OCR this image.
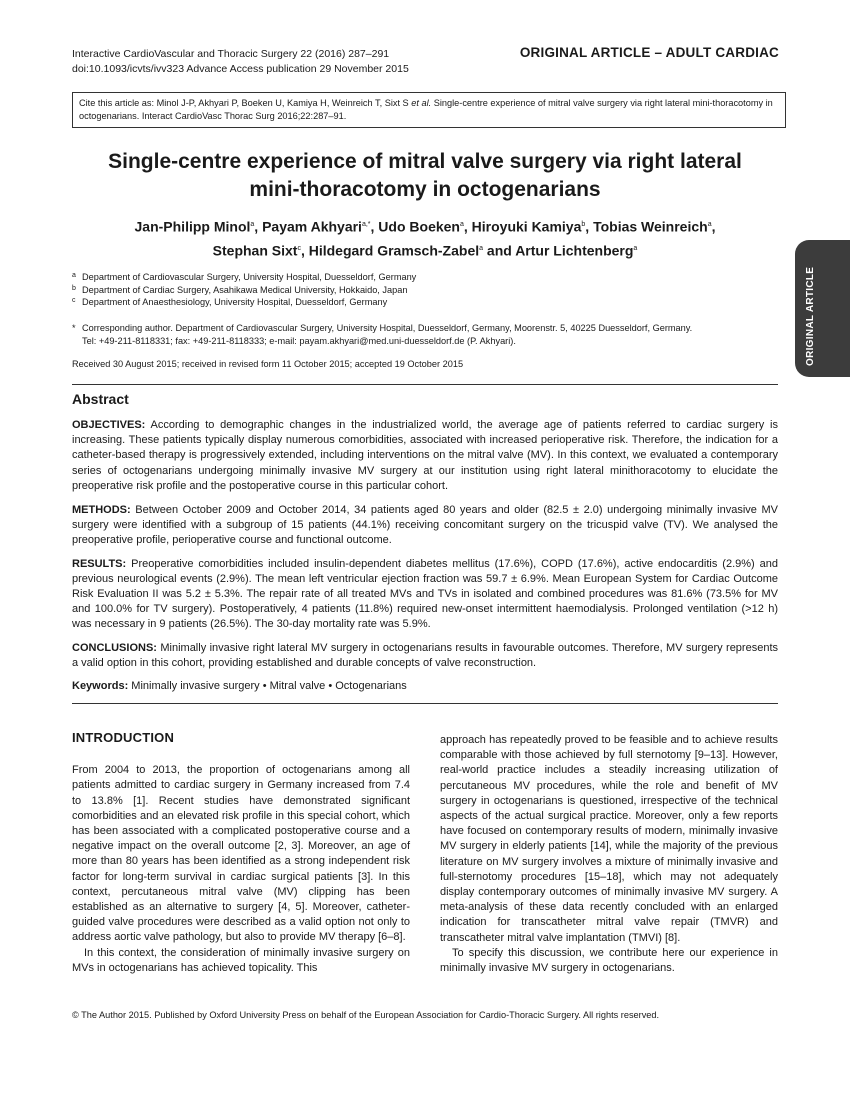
Interactive CardioVascular and Thoracic Surgery 22 (2016) 287–291
doi:10.1093/icvts/ivv323 Advance Access publication 29 November 2015
ORIGINAL ARTICLE – ADULT CARDIAC
Cite this article as: Minol J-P, Akhyari P, Boeken U, Kamiya H, Weinreich T, Sixt S et al. Single-centre experience of mitral valve surgery via right lateral mini-thoracotomy in octogenarians. Interact CardioVasc Thorac Surg 2016;22:287–91.
Single-centre experience of mitral valve surgery via right lateral
mini-thoracotomy in octogenarians
Jan-Philipp Minol$^a$, Payam Akhyari$^{a,*}$, Udo Boeken$^a$, Hiroyuki Kamiya$^b$, Tobias Weinreich$^a$,
Stephan Sixt$^c$, Hildegard Gramsch-Zabel$^a$ and Artur Lichtenberg$^a$
a Department of Cardiovascular Surgery, University Hospital, Duesseldorf, Germany
b Department of Cardiac Surgery, Asahikawa Medical University, Hokkaido, Japan
c Department of Anaesthesiology, University Hospital, Duesseldorf, Germany
* Corresponding author. Department of Cardiovascular Surgery, University Hospital, Duesseldorf, Germany, Moorenstr. 5, 40225 Duesseldorf, Germany.
Tel: +49-211-8118331; fax: +49-211-8118333; e-mail: payam.akhyari@med.uni-duesseldorf.de (P. Akhyari).
Received 30 August 2015; received in revised form 11 October 2015; accepted 19 October 2015
Abstract

OBJECTIVES: According to demographic changes in the industrialized world, the average age of patients referred to cardiac surgery is increasing. These patients typically display numerous comorbidities, associated with increased perioperative risk. Therefore, the indication for a catheter-based therapy is progressively extended, including interventions on the mitral valve (MV). In this context, we evaluated a contemporary series of octogenarians undergoing minimally invasive MV surgery at our institution using right lateral minithoracotomy to elucidate the preoperative risk profile and the postoperative course in this particular cohort.

METHODS: Between October 2009 and October 2014, 34 patients aged 80 years and older (82.5 ± 2.0) undergoing minimally invasive MV surgery were identified with a subgroup of 15 patients (44.1%) receiving concomitant surgery on the tricuspid valve (TV). We analysed the preoperative profile, perioperative course and functional outcome.

RESULTS: Preoperative comorbidities included insulin-dependent diabetes mellitus (17.6%), COPD (17.6%), active endocarditis (2.9%) and previous neurological events (2.9%). The mean left ventricular ejection fraction was 59.7 ± 6.9%. Mean European System for Cardiac Outcome Risk Evaluation II was 5.2 ± 5.3%. The repair rate of all treated MVs and TVs in isolated and combined procedures was 81.6% (73.5% for MV and 100.0% for TV surgery). Postoperatively, 4 patients (11.8%) required new-onset intermittent haemodialysis. Prolonged ventilation (>12 h) was necessary in 9 patients (26.5%). The 30-day mortality rate was 5.9%.

CONCLUSIONS: Minimally invasive right lateral MV surgery in octogenarians results in favourable outcomes. Therefore, MV surgery represents a valid option in this cohort, providing established and durable concepts of valve reconstruction.

Keywords: Minimally invasive surgery • Mitral valve • Octogenarians
INTRODUCTION

From 2004 to 2013, the proportion of octogenarians among all patients admitted to cardiac surgery in Germany increased from 7.4 to 13.8% [1]. Recent studies have demonstrated significant comorbidities and an elevated risk profile in this special cohort, which has been associated with a complicated postoperative course and a negative impact on the overall outcome [2, 3]. Moreover, an age of more than 80 years has been identified as a strong independent risk factor for long-term survival in cardiac surgical patients [3]. In this context, percutaneous mitral valve (MV) clipping has been established as an alternative to surgery [4, 5]. Moreover, catheter-guided valve procedures were described as a valid option not only to address aortic valve pathology, but also to provide MV therapy [6–8].

In this context, the consideration of minimally invasive surgery on MVs in octogenarians has achieved topicality. This

approach has repeatedly proved to be feasible and to achieve results comparable with those achieved by full sternotomy [9–13]. However, real-world practice includes a steadily increasing utilization of percutaneous MV procedures, while the role and benefit of MV surgery in octogenarians is questioned, irrespective of the technical aspects of the actual surgical practice. Moreover, only a few reports have focused on contemporary results of modern, minimally invasive MV surgery in elderly patients [14], while the majority of the previous literature on MV surgery involves a mixture of minimally invasive and full-sternotomy procedures [15–18], which may not adequately display contemporary outcomes of minimally invasive MV surgery. A meta-analysis of these data recently concluded with an enlarged indication for transcatheter mitral valve repair (TMVR) and transcatheter mitral valve implantation (TMVI) [8].

To specify this discussion, we contribute here our experience in minimally invasive MV surgery in octogenarians.

© The Author 2015. Published by Oxford University Press on behalf of the European Association for Cardio-Thoracic Surgery. All rights reserved.
ORIGINAL ARTICLE
